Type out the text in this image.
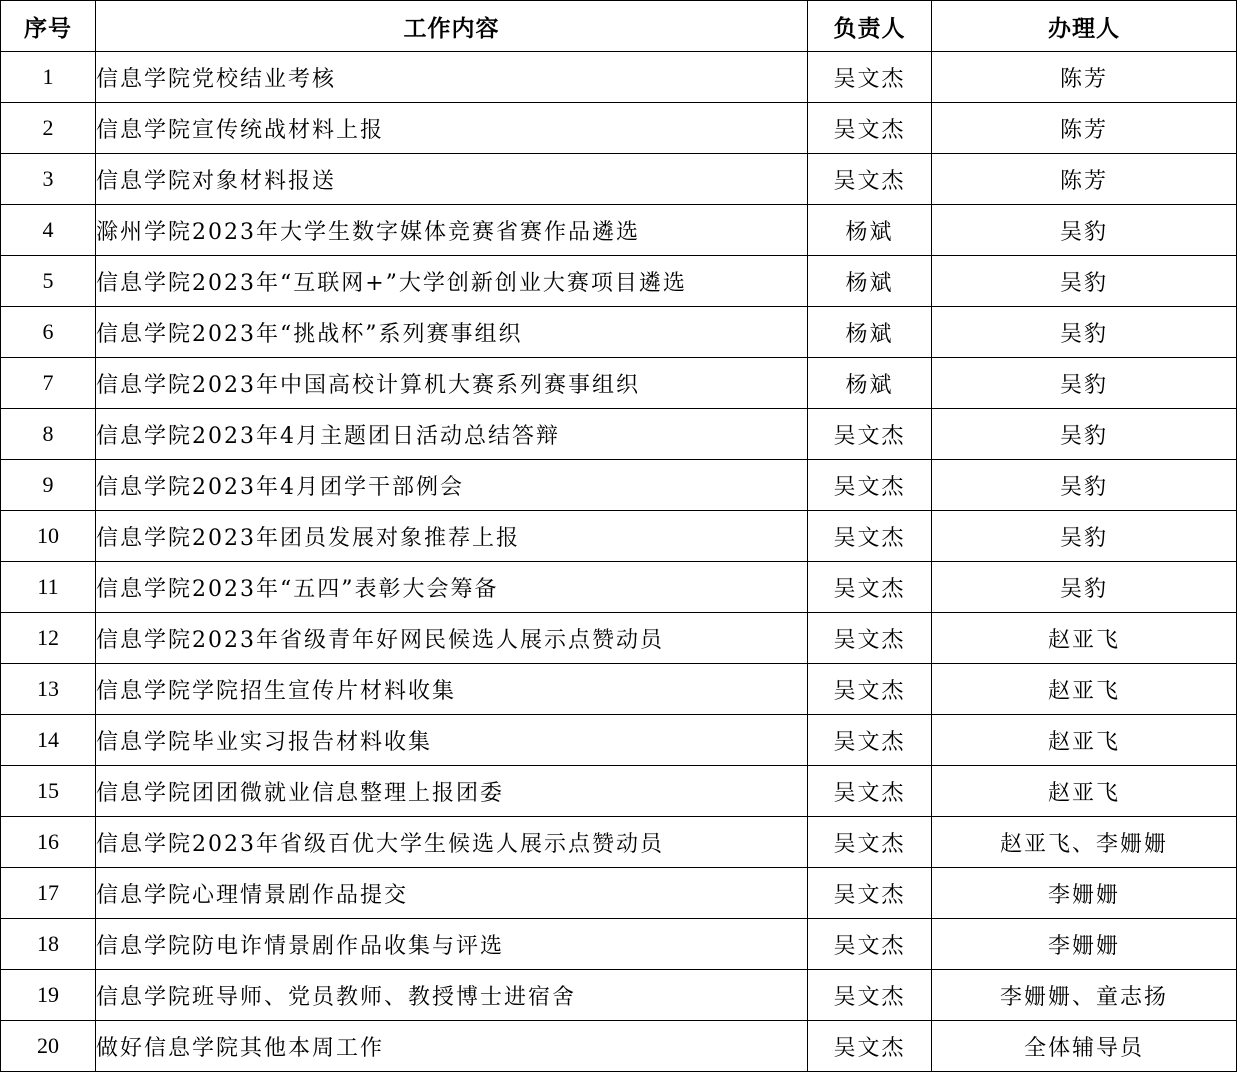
序号	工作内容	负责人	办理人
1	信息学院党校结业考核	吴文杰	陈芳
2	信息学院宣传统战材料上报	吴文杰	陈芳
3	信息学院对象材料报送	吴文杰	陈芳
4	滁州学院2023年大学生数字媒体竞赛省赛作品遴选	杨斌	吴豹
5	信息学院2023年“互联网+”大学创新创业大赛项目遴选	杨斌	吴豹
6	信息学院2023年“挑战杯”系列赛事组织	杨斌	吴豹
7	信息学院2023年中国高校计算机大赛系列赛事组织	杨斌	吴豹
8	信息学院2023年4月主题团日活动总结答辩	吴文杰	吴豹
9	信息学院2023年4月团学干部例会	吴文杰	吴豹
10	信息学院2023年团员发展对象推荐上报	吴文杰	吴豹
11	信息学院2023年“五四”表彰大会筹备	吴文杰	吴豹
12	信息学院2023年省级青年好网民候选人展示点赞动员	吴文杰	赵亚飞
13	信息学院学院招生宣传片材料收集	吴文杰	赵亚飞
14	信息学院毕业实习报告材料收集	吴文杰	赵亚飞
15	信息学院团团微就业信息整理上报团委	吴文杰	赵亚飞
16	信息学院2023年省级百优大学生候选人展示点赞动员	吴文杰	赵亚飞、李姗姗
17	信息学院心理情景剧作品提交	吴文杰	李姗姗
18	信息学院防电诈情景剧作品收集与评选	吴文杰	李姗姗
19	信息学院班导师、党员教师、教授博士进宿舍	吴文杰	李姗姗、童志扬
20	做好信息学院其他本周工作	吴文杰	全体辅导员
